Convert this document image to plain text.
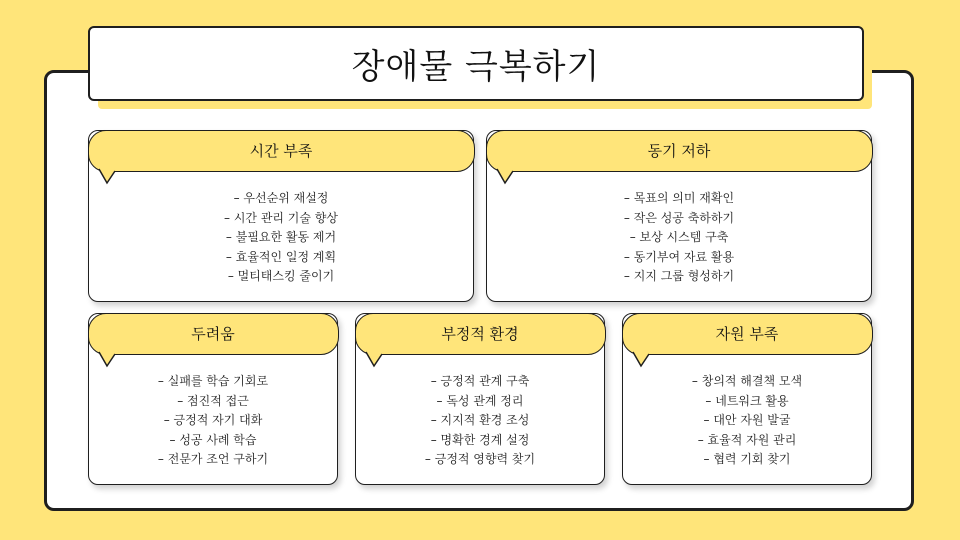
장애물 극복하기
시간 부족
– 우선순위 재설정
– 시간 관리 기술 향상
– 불필요한 활동 제거
– 효율적인 일정 계획
– 멀티태스킹 줄이기
동기 저하
– 목표의 의미 재확인
– 작은 성공 축하하기
– 보상 시스템 구축
– 동기부여 자료 활용
– 지지 그룹 형성하기
두려움
– 실패를 학습 기회로
– 점진적 접근
– 긍정적 자기 대화
– 성공 사례 학습
– 전문가 조언 구하기
부정적 환경
– 긍정적 관계 구축
– 독성 관계 정리
– 지지적 환경 조성
– 명확한 경계 설정
– 긍정적 영향력 찾기
자원 부족
– 창의적 해결책 모색
– 네트워크 활용
– 대안 자원 발굴
– 효율적 자원 관리
– 협력 기회 찾기
